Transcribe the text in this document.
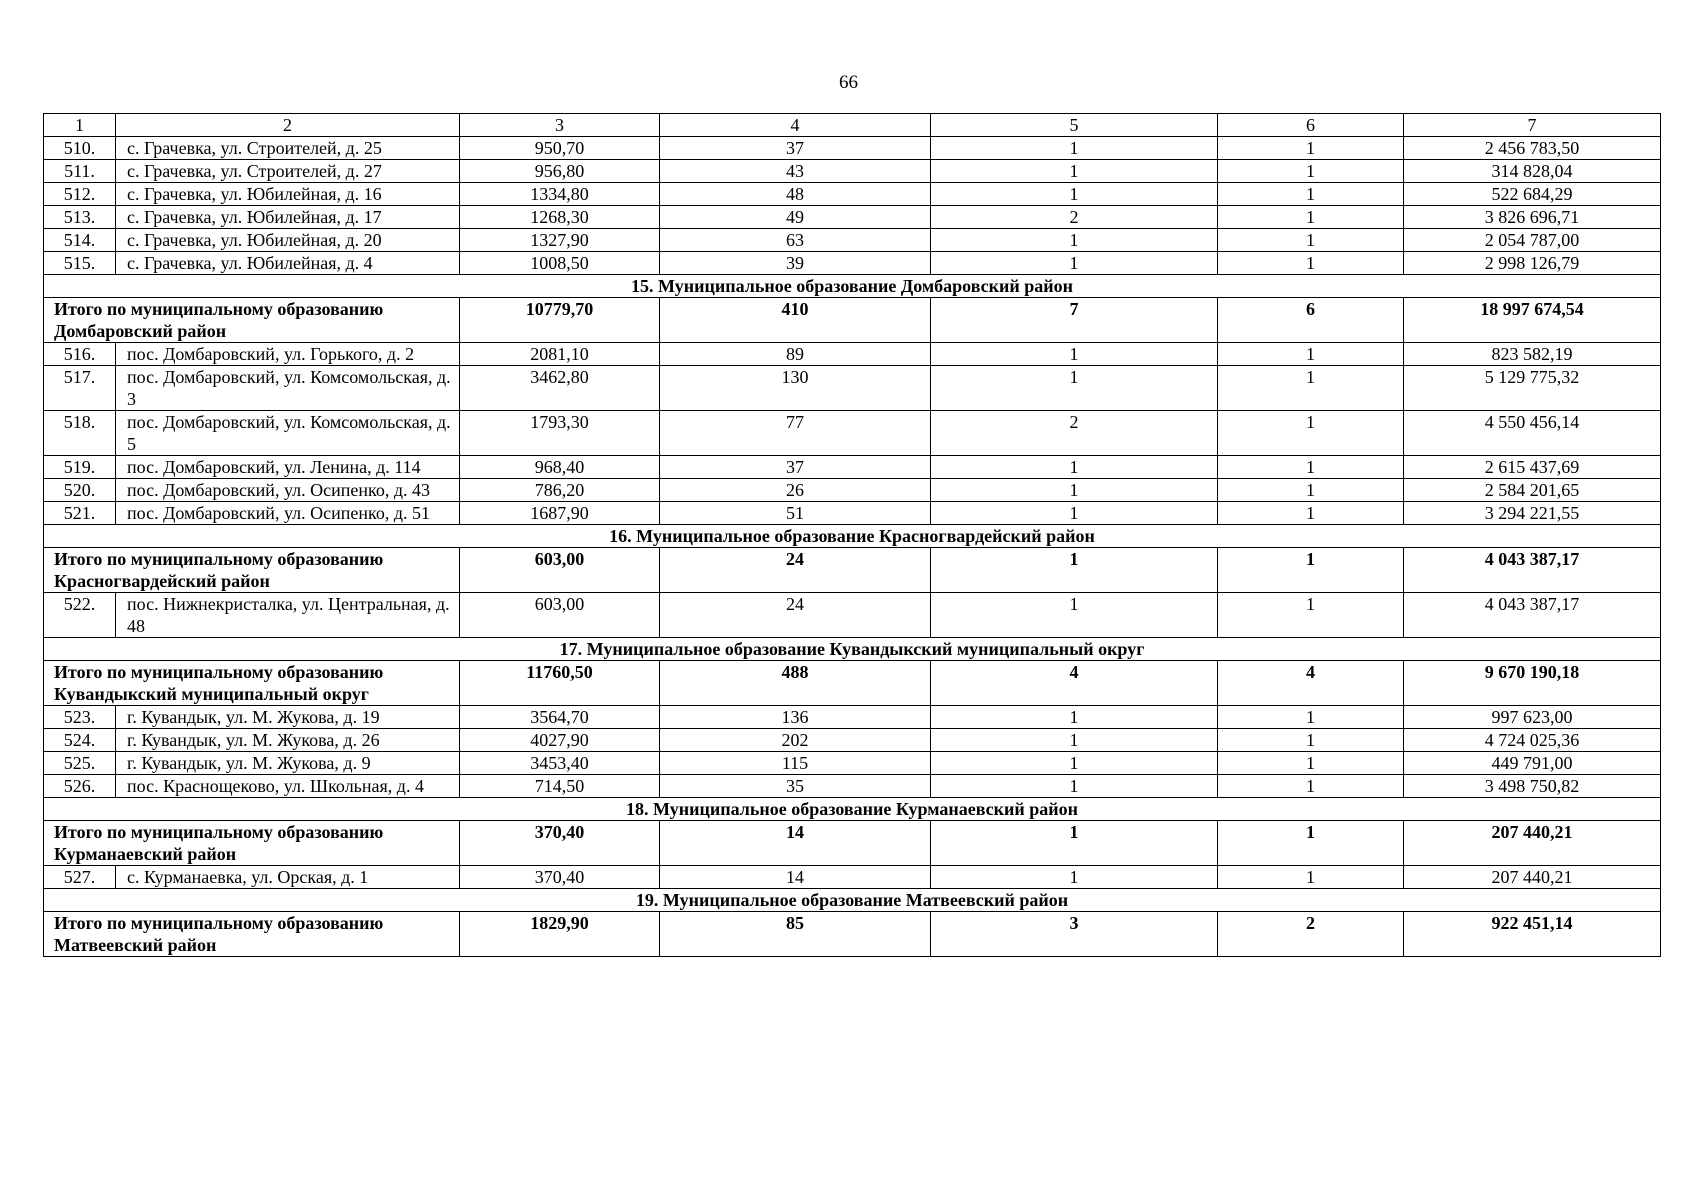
66
1	2	3	4	5	6	7
510.	с. Грачевка, ул. Строителей, д. 25	950,70	37	1	1	2 456 783,50
511.	с. Грачевка, ул. Строителей, д. 27	956,80	43	1	1	314 828,04
512.	с. Грачевка, ул. Юбилейная, д. 16	1334,80	48	1	1	522 684,29
513.	с. Грачевка, ул. Юбилейная, д. 17	1268,30	49	2	1	3 826 696,71
514.	с. Грачевка, ул. Юбилейная, д. 20	1327,90	63	1	1	2 054 787,00
515.	с. Грачевка, ул. Юбилейная, д. 4	1008,50	39	1	1	2 998 126,79
15. Муниципальное образование Домбаровский район						
Итого по муниципальному образованию Домбаровский район		10779,70	410	7	6	18 997 674,54
516.	пос. Домбаровский, ул. Горького, д. 2	2081,10	89	1	1	823 582,19
517.	пос. Домбаровский, ул. Комсомольская, д. 3	3462,80	130	1	1	5 129 775,32
518.	пос. Домбаровский, ул. Комсомольская, д. 5	1793,30	77	2	1	4 550 456,14
519.	пос. Домбаровский, ул. Ленина, д. 114	968,40	37	1	1	2 615 437,69
520.	пос. Домбаровский, ул. Осипенко, д. 43	786,20	26	1	1	2 584 201,65
521.	пос. Домбаровский, ул. Осипенко, д. 51	1687,90	51	1	1	3 294 221,55
16. Муниципальное образование Красногвардейский район						
Итого по муниципальному образованию Красногвардейский район		603,00	24	1	1	4 043 387,17
522.	пос. Нижнекристалка, ул. Центральная, д. 48	603,00	24	1	1	4 043 387,17
17. Муниципальное образование Кувандыкский муниципальный округ						
Итого по муниципальному образованию Кувандыкский муниципальный округ		11760,50	488	4	4	9 670 190,18
523.	г. Кувандык, ул. М. Жукова, д. 19	3564,70	136	1	1	997 623,00
524.	г. Кувандык, ул. М. Жукова, д. 26	4027,90	202	1	1	4 724 025,36
525.	г. Кувандык, ул. М. Жукова, д. 9	3453,40	115	1	1	449 791,00
526.	пос. Краснощеково, ул. Школьная, д. 4	714,50	35	1	1	3 498 750,82
18. Муниципальное образование Курманаевский район						
Итого по муниципальному образованию Курманаевский район		370,40	14	1	1	207 440,21
527.	с. Курманаевка, ул. Орская, д. 1	370,40	14	1	1	207 440,21
19. Муниципальное образование Матвеевский район						
Итого по муниципальному образованию Матвеевский район		1829,90	85	3	2	922 451,14
